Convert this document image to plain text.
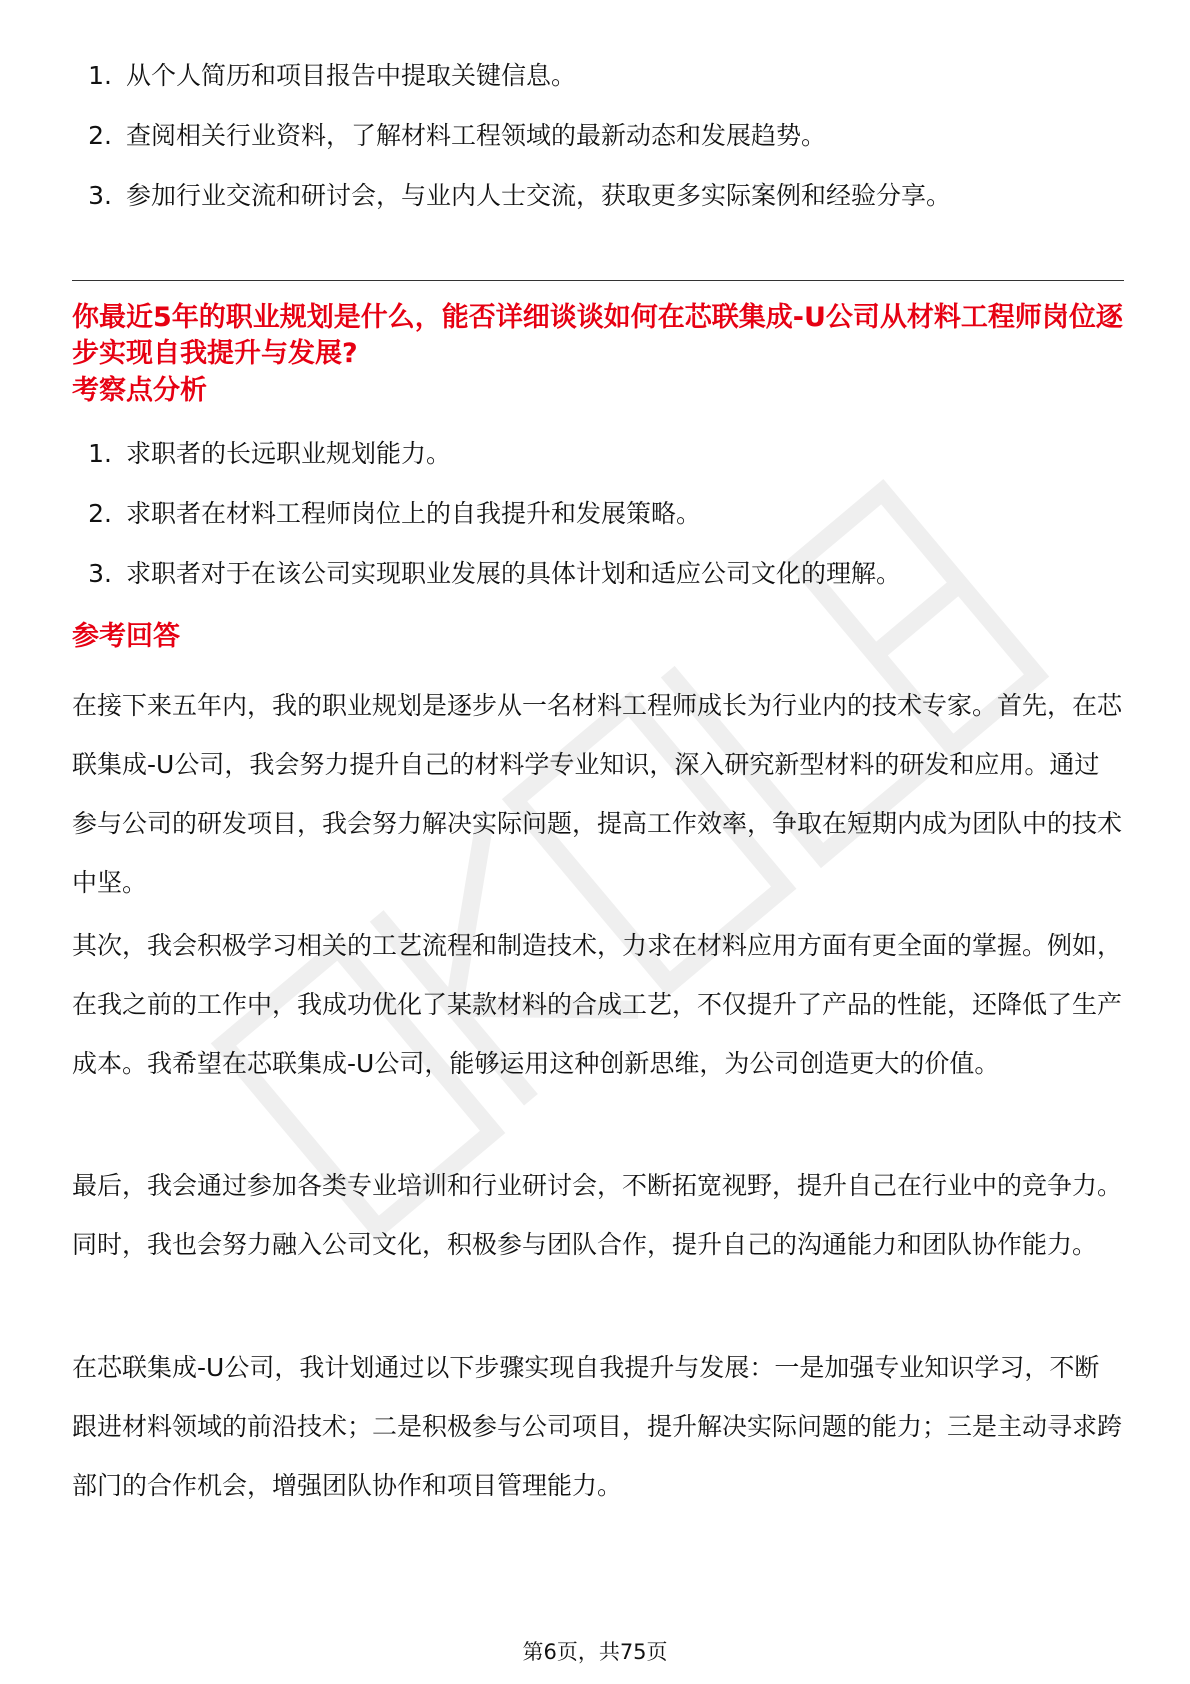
1. 从个人简历和项目报告中提取关键信息。
2. 查阅相关行业资料，了解材料工程领域的最新动态和发展趋势。
3. 参加行业交流和研讨会，与业内人士交流，获取更多实际案例和经验分享。
你最近5年的职业规划是什么，能否详细谈谈如何在芯联集成-U公司从材料工程师岗位逐步实现自我提升与发展?
考察点分析
1. 求职者的长远职业规划能力。
2. 求职者在材料工程师岗位上的自我提升和发展策略。
3. 求职者对于在该公司实现职业发展的具体计划和适应公司文化的理解。
参考回答

在接下来五年内，我的职业规划是逐步从一名材料工程师成长为行业内的技术专家。首先，在芯联集成-U公司，我会努力提升自己的材料学专业知识，深入研究新型材料的研发和应用。通过参与公司的研发项目，我会努力解决实际问题，提高工作效率，争取在短期内成为团队中的技术中坚。

其次，我会积极学习相关的工艺流程和制造技术，力求在材料应用方面有更全面的掌握。例如，在我之前的工作中，我成功优化了某款材料的合成工艺，不仅提升了产品的性能，还降低了生产成本。我希望在芯联集成-U公司，能够运用这种创新思维，为公司创造更大的价值。

最后，我会通过参加各类专业培训和行业研讨会，不断拓宽视野，提升自己在行业中的竞争力。同时，我也会努力融入公司文化，积极参与团队合作，提升自己的沟通能力和团队协作能力。

在芯联集成-U公司，我计划通过以下步骤实现自我提升与发展：一是加强专业知识学习，不断跟进材料领域的前沿技术；二是积极参与公司项目，提升解决实际问题的能力；三是主动寻求跨部门的合作机会，增强团队协作和项目管理能力。

第6页，共75页
